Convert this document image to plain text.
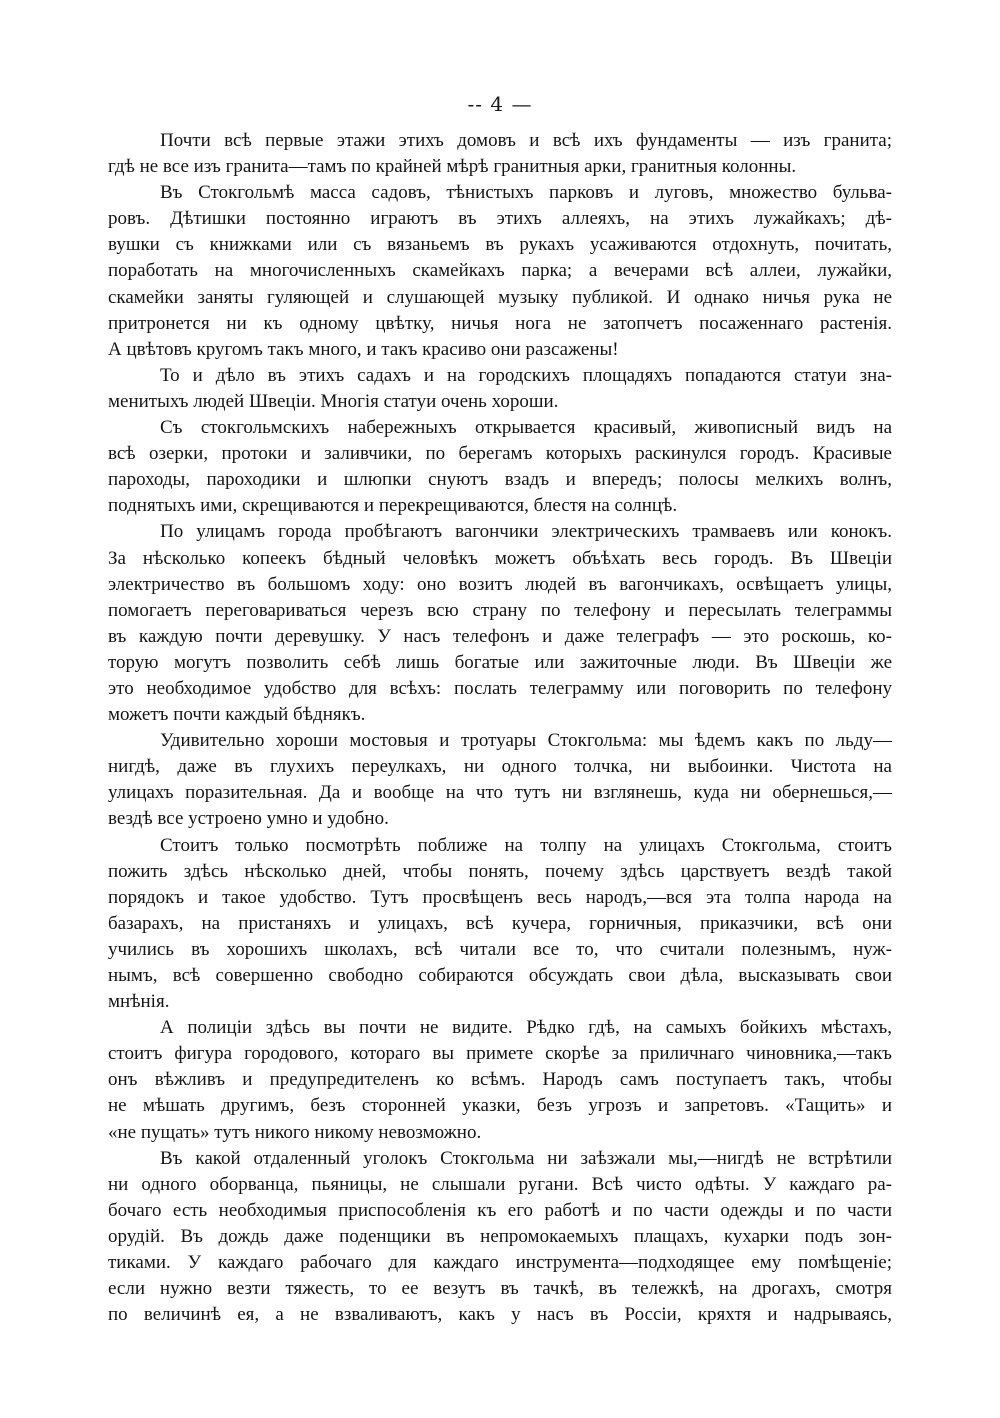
-- 4 —
Почти всѣ первые этажи этихъ домовъ и всѣ ихъ фундаменты — изъ гранита;
гдѣ не все изъ гранита—тамъ по крайней мѣрѣ гранитныя арки, гранитныя колонны.
Въ Стокгольмѣ масса садовъ, тѣнистыхъ парковъ и луговъ, множество бульва-
ровъ. Дѣтишки постоянно играютъ въ этихъ аллеяхъ, на этихъ лужайкахъ; дѣ-
вушки съ книжками или съ вязаньемъ въ рукахъ усаживаются отдохнуть, почитать,
поработать на многочисленныхъ скамейкахъ парка; а вечерами всѣ аллеи, лужайки,
скамейки заняты гуляющей и слушающей музыку публикой. И однако ничья рука не
притронется ни къ одному цвѣтку, ничья нога не затопчетъ посаженнаго растенія.
А цвѣтовъ кругомъ такъ много, и такъ красиво они разсажены!
То и дѣло въ этихъ садахъ и на городскихъ площадяхъ попадаются статуи зна-
менитыхъ людей Швеціи. Многія статуи очень хороши.
Съ стокгольмскихъ набережныхъ открывается красивый, живописный видъ на
всѣ озерки, протоки и заливчики, по берегамъ которыхъ раскинулся городъ. Красивые
пароходы, пароходики и шлюпки снуютъ взадъ и впередъ; полосы мелкихъ волнъ,
поднятыхъ ими, скрещиваются и перекрещиваются, блестя на солнцѣ.
По улицамъ города пробѣгаютъ вагончики электрическихъ трамваевъ или конокъ.
За нѣсколько копеекъ бѣдный человѣкъ можетъ объѣхать весь городъ. Въ Швеціи
электричество въ большомъ ходу: оно возитъ людей въ вагончикахъ, освѣщаетъ улицы,
помогаетъ переговариваться черезъ всю страну по телефону и пересылать телеграммы
въ каждую почти деревушку. У насъ телефонъ и даже телеграфъ — это роскошь, ко-
торую могутъ позволить себѣ лишь богатые или зажиточные люди. Въ Швеціи же
это необходимое удобство для всѣхъ: послать телеграмму или поговорить по телефону
можетъ почти каждый бѣднякъ.
Удивительно хороши мостовыя и тротуары Стокгольма: мы ѣдемъ какъ по льду—
нигдѣ, даже въ глухихъ переулкахъ, ни одного толчка, ни выбоинки. Чистота на
улицахъ поразительная. Да и вообще на что тутъ ни взглянешь, куда ни обернешься,—
вездѣ все устроено умно и удобно.
Стоитъ только посмотрѣть поближе на толпу на улицахъ Стокгольма, стоитъ
пожить здѣсь нѣсколько дней, чтобы понять, почему здѣсь царствуетъ вездѣ такой
порядокъ и такое удобство. Тутъ просвѣщенъ весь народъ,—вся эта толпа народа на
базарахъ, на пристаняхъ и улицахъ, всѣ кучера, горничныя, приказчики, всѣ они
учились въ хорошихъ школахъ, всѣ читали все то, что считали полезнымъ, нуж-
нымъ, всѣ совершенно свободно собираются обсуждать свои дѣла, высказывать свои
мнѣнія.
А полиціи здѣсь вы почти не видите. Рѣдко гдѣ, на самыхъ бойкихъ мѣстахъ,
стоитъ фигура городового, котораго вы примете скорѣе за приличнаго чиновника,—такъ
онъ вѣжливъ и предупредителенъ ко всѣмъ. Народъ самъ поступаетъ такъ, чтобы
не мѣшать другимъ, безъ сторонней указки, безъ угрозъ и запретовъ. «Тащить» и
«не пущать» тутъ никого никому невозможно.
Въ какой отдаленный уголокъ Стокгольма ни заѣзжали мы,—нигдѣ не встрѣтили
ни одного оборванца, пьяницы, не слышали ругани. Всѣ чисто одѣты. У каждаго ра-
бочаго есть необходимыя приспособленія къ его работѣ и по части одежды и по части
орудій. Въ дождь даже поденщики въ непромокаемыхъ плащахъ, кухарки подъ зон-
тиками. У каждаго рабочаго для каждаго инструмента—подходящее ему помѣщеніе;
если нужно везти тяжесть, то ее везутъ въ тачкѣ, въ тележкѣ, на дрогахъ, смотря
по величинѣ ея, а не взваливаютъ, какъ у насъ въ Россіи, кряхтя и надрываясь,
